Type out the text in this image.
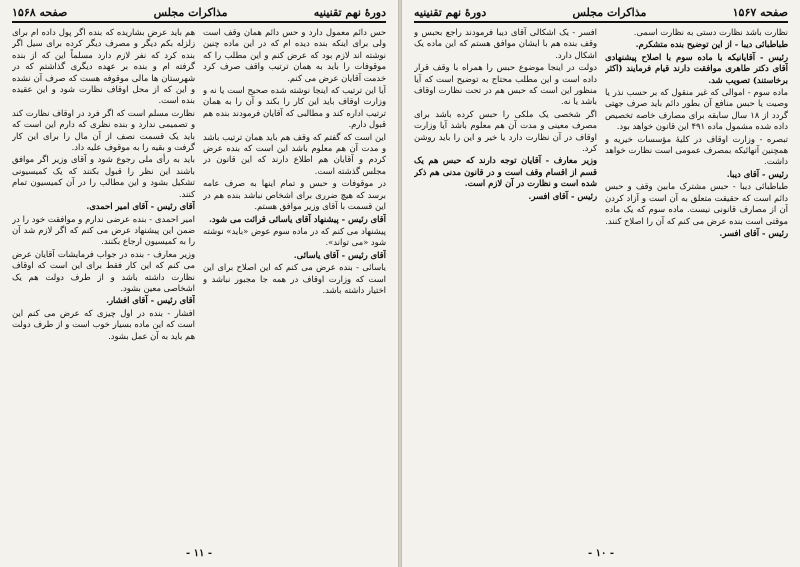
دورهٔ نهم تقنینیه
مذاکرات مجلس
صفحه ۱۵۶۸

حس دائم معمول دارد و حس دائم همان وقف است ولی برای اینکه بنده دیده ام که در این ماده چنین نوشته اند لازم بود که عرض کنم و این مطلب را که موقوفات را باید به همان ترتیب واقف صرف کرد خدمت آقایان عرض می کنم.

آیا این ترتیب که اینجا نوشته شده صحیح است یا نه و وزارت اوقاف باید این کار را بکند و آن را به همان ترتیب اداره کند و مطالبی که آقایان فرمودند بنده هم قبول دارم.

این است که گفتم که وقف هم باید همان ترتیب باشد و مدت آن هم معلوم باشد این است که بنده عرض کردم و آقایان هم اطلاع دارند که این قانون در مجلس گذشته است.

در موقوفات و حبس و تمام اینها به صرف عامه برسد که هیچ ضرری برای اشخاص نباشد بنده هم در این قسمت با آقای وزیر موافق هستم.

آقای رئیس - پیشنهاد آقای یاسائی قرائت می شود.

پیشنهاد می کنم که در ماده سوم عوض «باید» نوشته شود «می تواند».

آقای رئیس - آقای یاسائی.

یاسائی - بنده عرض می کنم که این اصلاح برای این است که وزارت اوقاف در همه جا مجبور نباشد و اختیار داشته باشد.

هم باید عرض بشاریده که بنده اگر پول داده ام برای زلزله بکم دیگر و مصرف دیگر کرده برای سیل اگر بنده کرد که نفر لازم دارد مسلماً این که از بنده گرفته ام و بنده بر عهده دیگری گذاشتم که در شهرستان ها مالی موقوفه هست که صرف آن نشده و این که از محل اوقاف نظارت شود و این عقیده بنده است.

نظارت مسلم است که اگر فرد در اوقاف نظارت کند و تصمیمی ندارد و بنده نظری که دارم این است که باید یک قسمت نصف از آن مال را برای این کار گرفت و بقیه را به موقوف علیه داد.

باید به رأی ملی رجوع شود و آقای وزیر اگر موافق باشند این نظر را قبول بکنند که یک کمیسیونی تشکیل بشود و این مطالب را در آن کمیسیون تمام کنند.

آقای رئیس - آقای امیر احمدی.

امیر احمدی - بنده عرضی ندارم و موافقت خود را در ضمن این پیشنهاد عرض می کنم که اگر لازم شد آن را به کمیسیون ارجاع بکنند.

وزیر معارف - بنده در جواب فرمایشات آقایان عرض می کنم که این کار فقط برای این است که اوقاف نظارت داشته باشد و از طرف دولت هم یک اشخاصی معین بشود.

آقای رئیس - آقای افشار.

افشار - بنده در اول چیزی که عرض می کنم این است که این ماده بسیار خوب است و از طرف دولت هم باید به آن عمل بشود.

- ۱۱ -
صفحه ۱۵۶۷
مذاکرات مجلس
دورهٔ نهم تقنینیه

نظارت باشد نظارت دستی به نظارت اسمی.

طباطبائی دیبا - از این توضیح بنده متشکرم.

رئیس - آقایانیکه با ماده سوم با اصلاح پیشنهادی آقای دکتر طاهری موافقت دارند قیام فرمایند (اکثر برخاستند) تصویب شد.

ماده سوم - اموالی که غیر منقول که بر حسب نذر یا وصیت یا حبس منافع آن بطور دائم باید صرف جهتی گردد از ۱۸ سال سابقه برای مصارف خاصه تخصیص داده شده مشمول ماده ۴۹۱ این قانون خواهد بود.

تبصره - وزارت اوقاف در کلیهٔ مؤسسات خیریه و همچنین آنهائیکه بمصرف عمومی است نظارت خواهد داشت.

رئیس - آقای دیبا.

طباطبائی دیبا - حبس مشترک مابین وقف و حبس دائم است که حقیقت متعلق به آن است و آزاد کردن آن از مصارف قانونی نیست. ماده سوم که یک ماده موقتی است بنده عرض می کنم که آن را اصلاح کنند.

رئیس - آقای افسر.

افسر - یک اشکالی آقای دیبا فرمودند راجع بحبس و وقف بنده هم با ایشان موافق هستم که این ماده یک اشکال دارد.

دولت در اینجا موضوع حبس را همراه با وقف قرار داده است و این مطلب محتاج به توضیح است که آیا منظور این است که حبس هم در تحت نظارت اوقاف باشد یا نه.

اگر شخصی یک ملکی را حبس کرده باشد برای مصرف معینی و مدت آن هم معلوم باشد آیا وزارت اوقاف در آن نظارت دارد یا خیر و این را باید روشن کرد.

وزیر معارف - آقایان توجه دارند که حبس هم یک قسم از اقسام وقف است و در قانون مدنی هم ذکر شده است و نظارت در آن لازم است.

رئیس - آقای افسر.

- ۱۰ -
